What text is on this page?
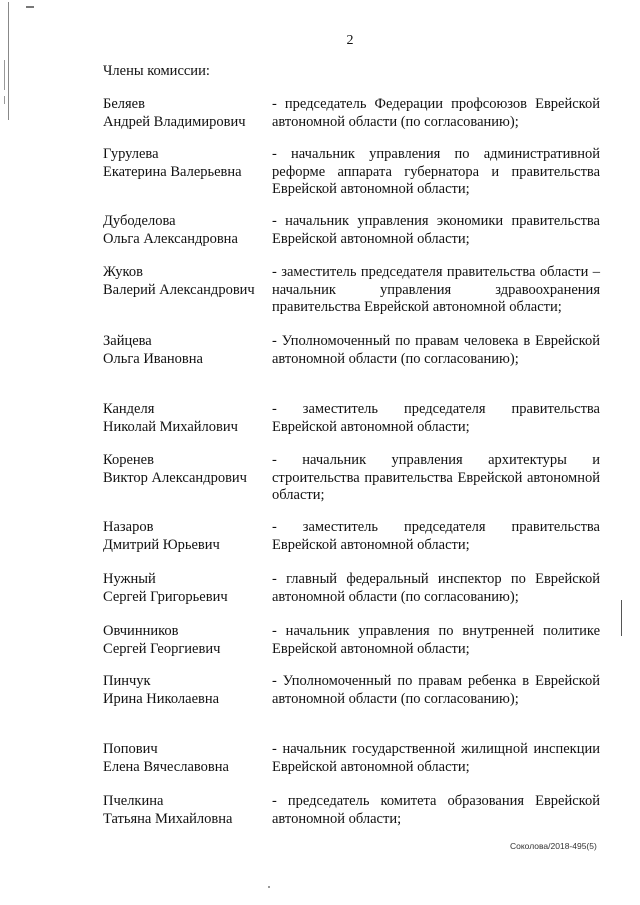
2
Члены комиссии:
Беляев
Андрей Владимирович
- председатель Федерации профсоюзов Еврейской автономной области (по согласованию);
Гурулева
Екатерина Валерьевна
- начальник управления по административной реформе аппарата губернатора и правительства Еврейской автономной области;
Дубоделова
Ольга Александровна
- начальник управления экономики правительства Еврейской автономной области;
Жуков
Валерий Александрович
- заместитель председателя правительства области – начальник управления здравоохранения правительства Еврейской автономной области;
Зайцева
Ольга Ивановна
- Уполномоченный по правам человека в Еврейской автономной области (по согласованию);
Канделя
Николай Михайлович
- заместитель председателя правительства Еврейской автономной области;
Коренев
Виктор Александрович
- начальник управления архитектуры и строительства правительства Еврейской автономной области;
Назаров
Дмитрий Юрьевич
- заместитель председателя правительства Еврейской автономной области;
Нужный
Сергей Григорьевич
- главный федеральный инспектор по Еврейской автономной области (по согласованию);
Овчинников
Сергей Георгиевич
- начальник управления по внутренней политике Еврейской автономной области;
Пинчук
Ирина Николаевна
- Уполномоченный по правам ребенка в Еврейской автономной области (по согласованию);
Попович
Елена Вячеславовна
- начальник государственной жилищной инспекции Еврейской автономной области;
Пчелкина
Татьяна Михайловна
- председатель комитета образования Еврейской автономной области;
Соколова/2018-495(5)
